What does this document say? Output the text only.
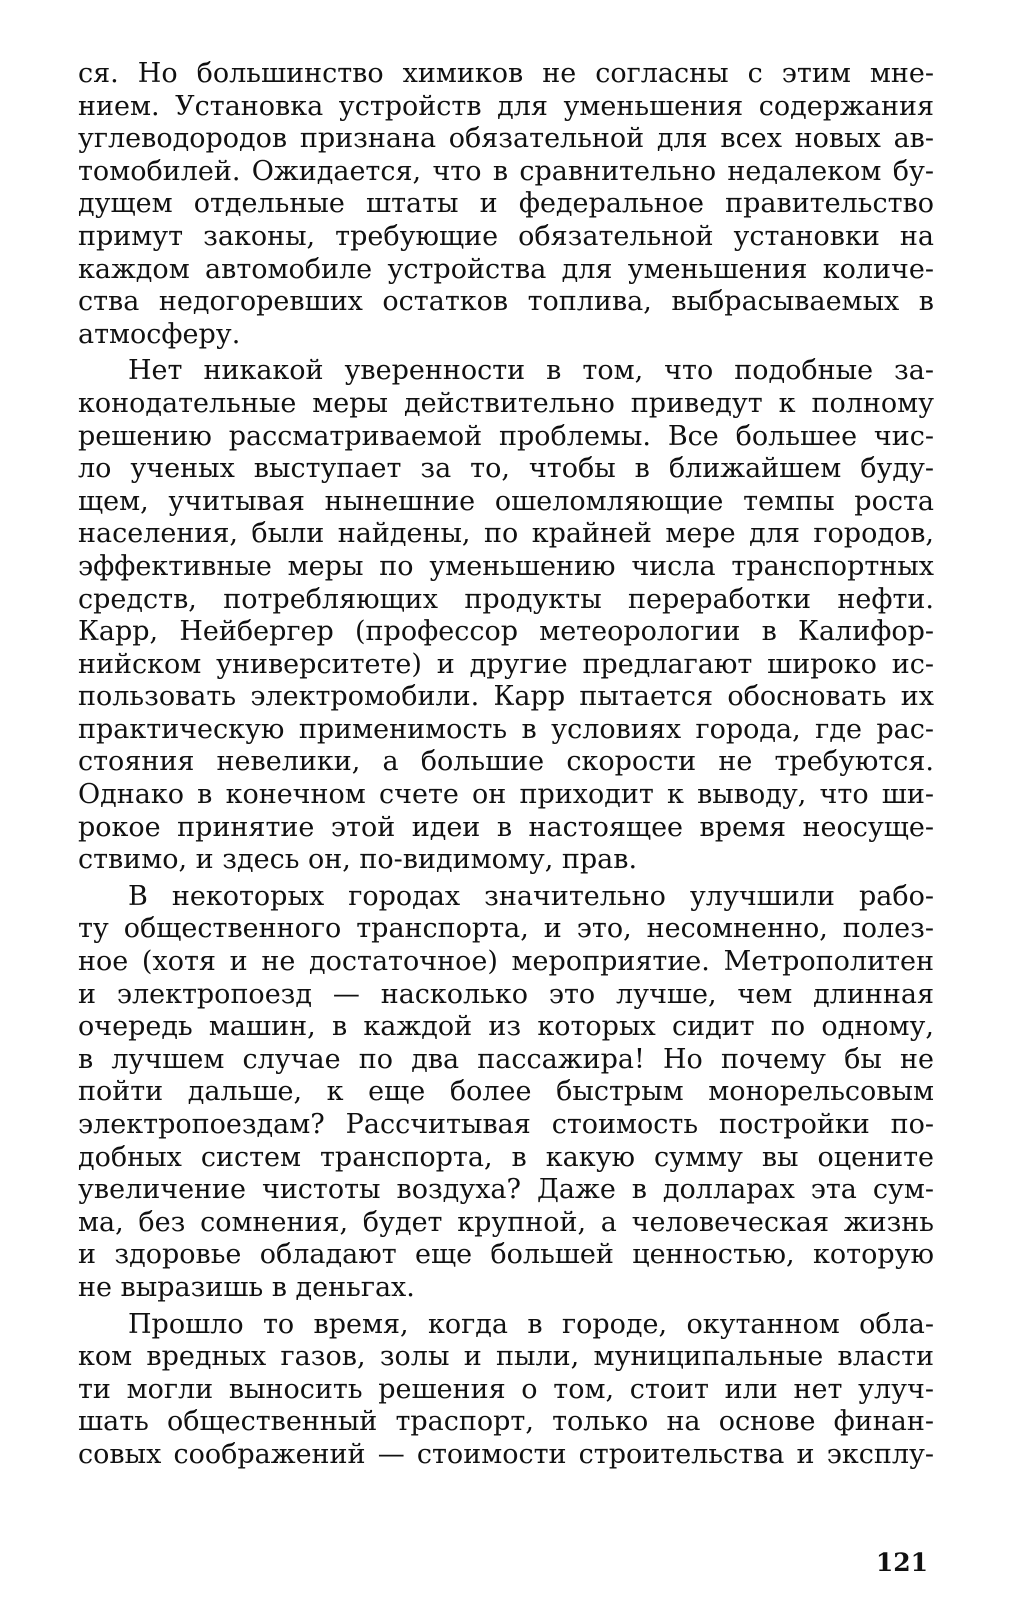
ся. Но большинство химиков не согласны с этим мне-
нием. Установка устройств для уменьшения содержания
углеводородов признана обязательной для всех новых ав-
томобилей. Ожидается, что в сравнительно недалеком бу-
дущем отдельные штаты и федеральное правительство
примут законы, требующие обязательной установки на
каждом автомобиле устройства для уменьшения количе-
ства недогоревших остатков топлива, выбрасываемых в
атмосферу.
Нет никакой уверенности в том, что подобные за-
конодательные меры действительно приведут к полному
решению рассматриваемой проблемы. Все большее чис-
ло ученых выступает за то, чтобы в ближайшем буду-
щем, учитывая нынешние ошеломляющие темпы роста
населения, были найдены, по крайней мере для городов,
эффективные меры по уменьшению числа транспортных
средств, потребляющих продукты переработки нефти.
Карр, Нейбергер (профессор метеорологии в Калифор-
нийском университете) и другие предлагают широко ис-
пользовать электромобили. Карр пытается обосновать их
практическую применимость в условиях города, где рас-
стояния невелики, а большие скорости не требуются.
Однако в конечном счете он приходит к выводу, что ши-
рокое принятие этой идеи в настоящее время неосуще-
ствимо, и здесь он, по-видимому, прав.
В некоторых городах значительно улучшили рабо-
ту общественного транспорта, и это, несомненно, полез-
ное (хотя и не достаточное) мероприятие. Метрополитен
и электропоезд — насколько это лучше, чем длинная
очередь машин, в каждой из которых сидит по одному,
в лучшем случае по два пассажира! Но почему бы не
пойти дальше, к еще более быстрым монорельсовым
электропоездам? Рассчитывая стоимость постройки по-
добных систем транспорта, в какую сумму вы оцените
увеличение чистоты воздуха? Даже в долларах эта сум-
ма, без сомнения, будет крупной, а человеческая жизнь
и здоровье обладают еще большей ценностью, которую
не выразишь в деньгах.
Прошло то время, когда в городе, окутанном обла-
ком вредных газов, золы и пыли, муниципальные власти
ти могли выносить решения о том, стоит или нет улуч-
шать общественный траспорт, только на основе финан-
совых соображений — стоимости строительства и эксплу-
121
